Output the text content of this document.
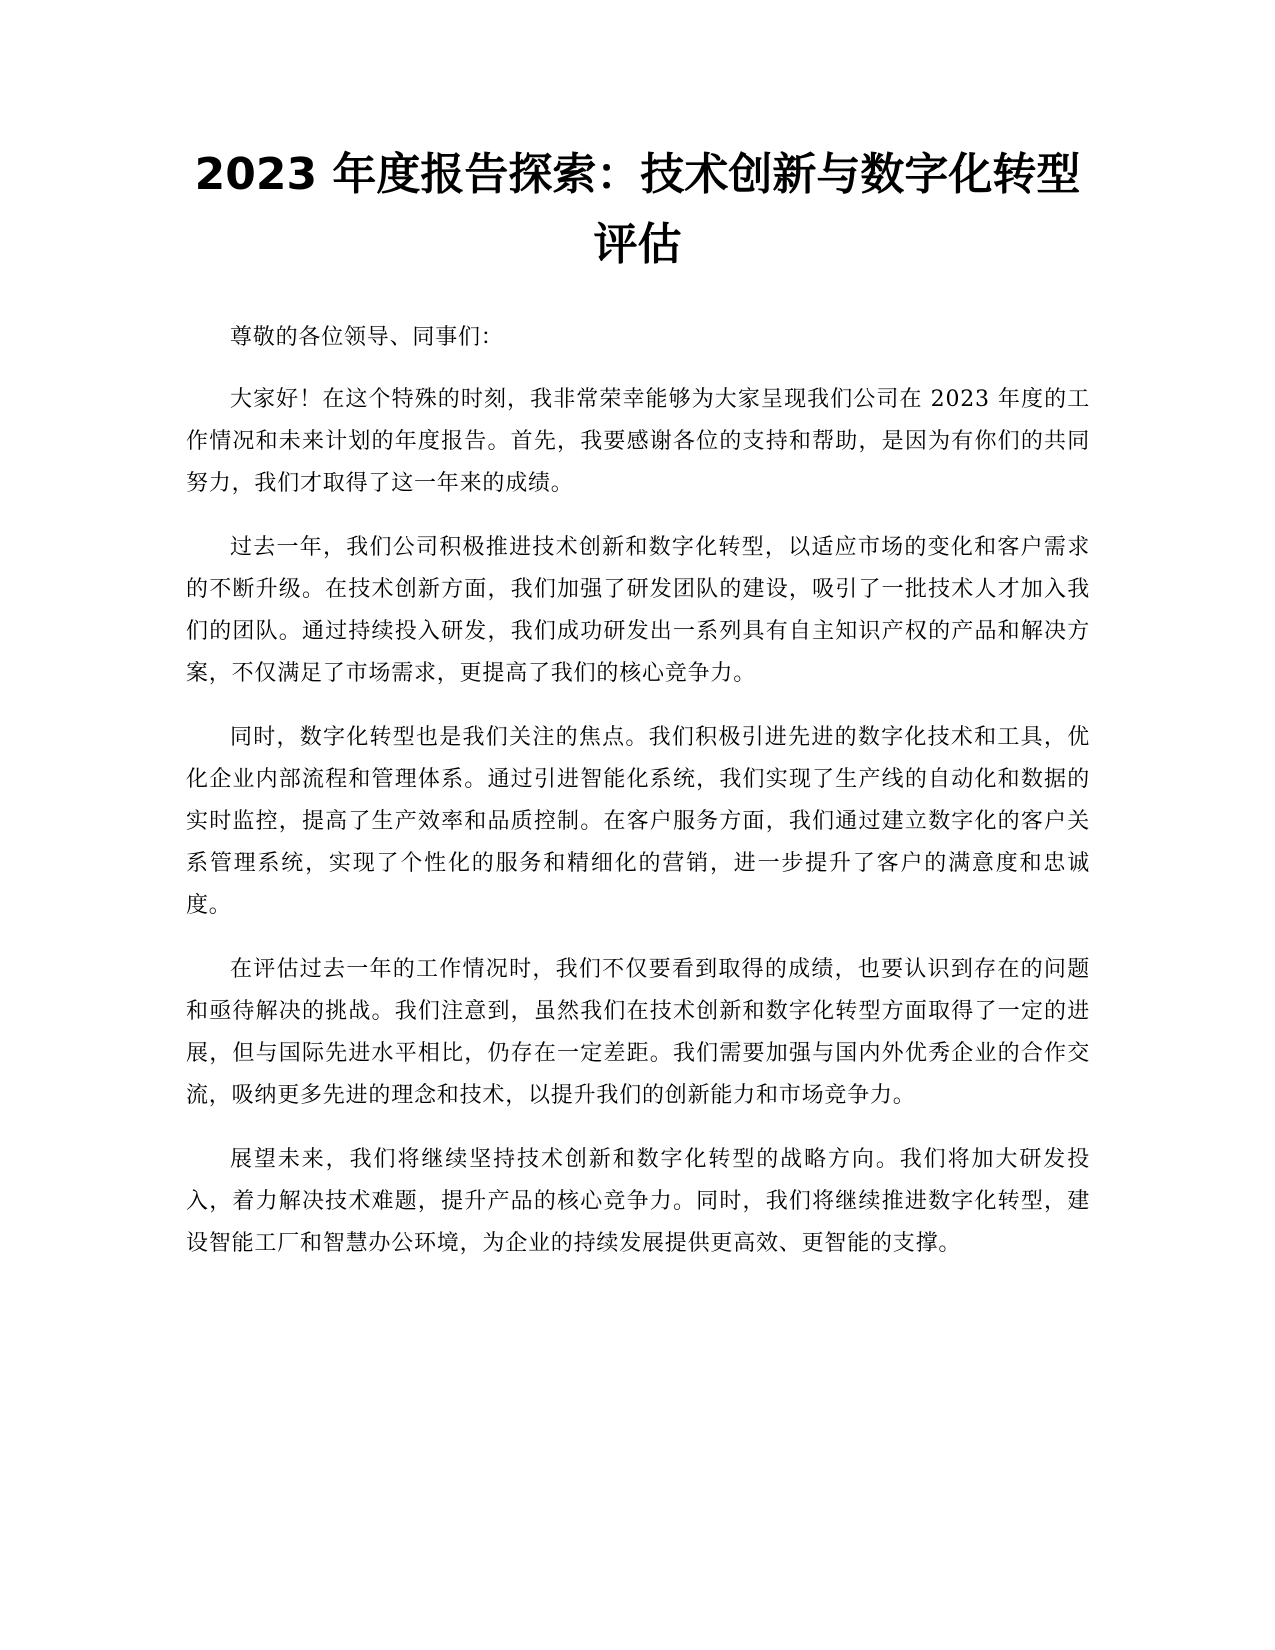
2023 年度报告探索：技术创新与数字化转型评估

尊敬的各位领导、同事们：

大家好！在这个特殊的时刻，我非常荣幸能够为大家呈现我们公司在 2023 年度的工作情况和未来计划的年度报告。首先，我要感谢各位的支持和帮助，是因为有你们的共同努力，我们才取得了这一年来的成绩。

过去一年，我们公司积极推进技术创新和数字化转型，以适应市场的变化和客户需求的不断升级。在技术创新方面，我们加强了研发团队的建设，吸引了一批技术人才加入我们的团队。通过持续投入研发，我们成功研发出一系列具有自主知识产权的产品和解决方案，不仅满足了市场需求，更提高了我们的核心竞争力。

同时，数字化转型也是我们关注的焦点。我们积极引进先进的数字化技术和工具，优化企业内部流程和管理体系。通过引进智能化系统，我们实现了生产线的自动化和数据的实时监控，提高了生产效率和品质控制。在客户服务方面，我们通过建立数字化的客户关系管理系统，实现了个性化的服务和精细化的营销，进一步提升了客户的满意度和忠诚度。

在评估过去一年的工作情况时，我们不仅要看到取得的成绩，也要认识到存在的问题和亟待解决的挑战。我们注意到，虽然我们在技术创新和数字化转型方面取得了一定的进展，但与国际先进水平相比，仍存在一定差距。我们需要加强与国内外优秀企业的合作交流，吸纳更多先进的理念和技术，以提升我们的创新能力和市场竞争力。

展望未来，我们将继续坚持技术创新和数字化转型的战略方向。我们将加大研发投入，着力解决技术难题，提升产品的核心竞争力。同时，我们将继续推进数字化转型，建设智能工厂和智慧办公环境，为企业的持续发展提供更高效、更智能的支撑。
